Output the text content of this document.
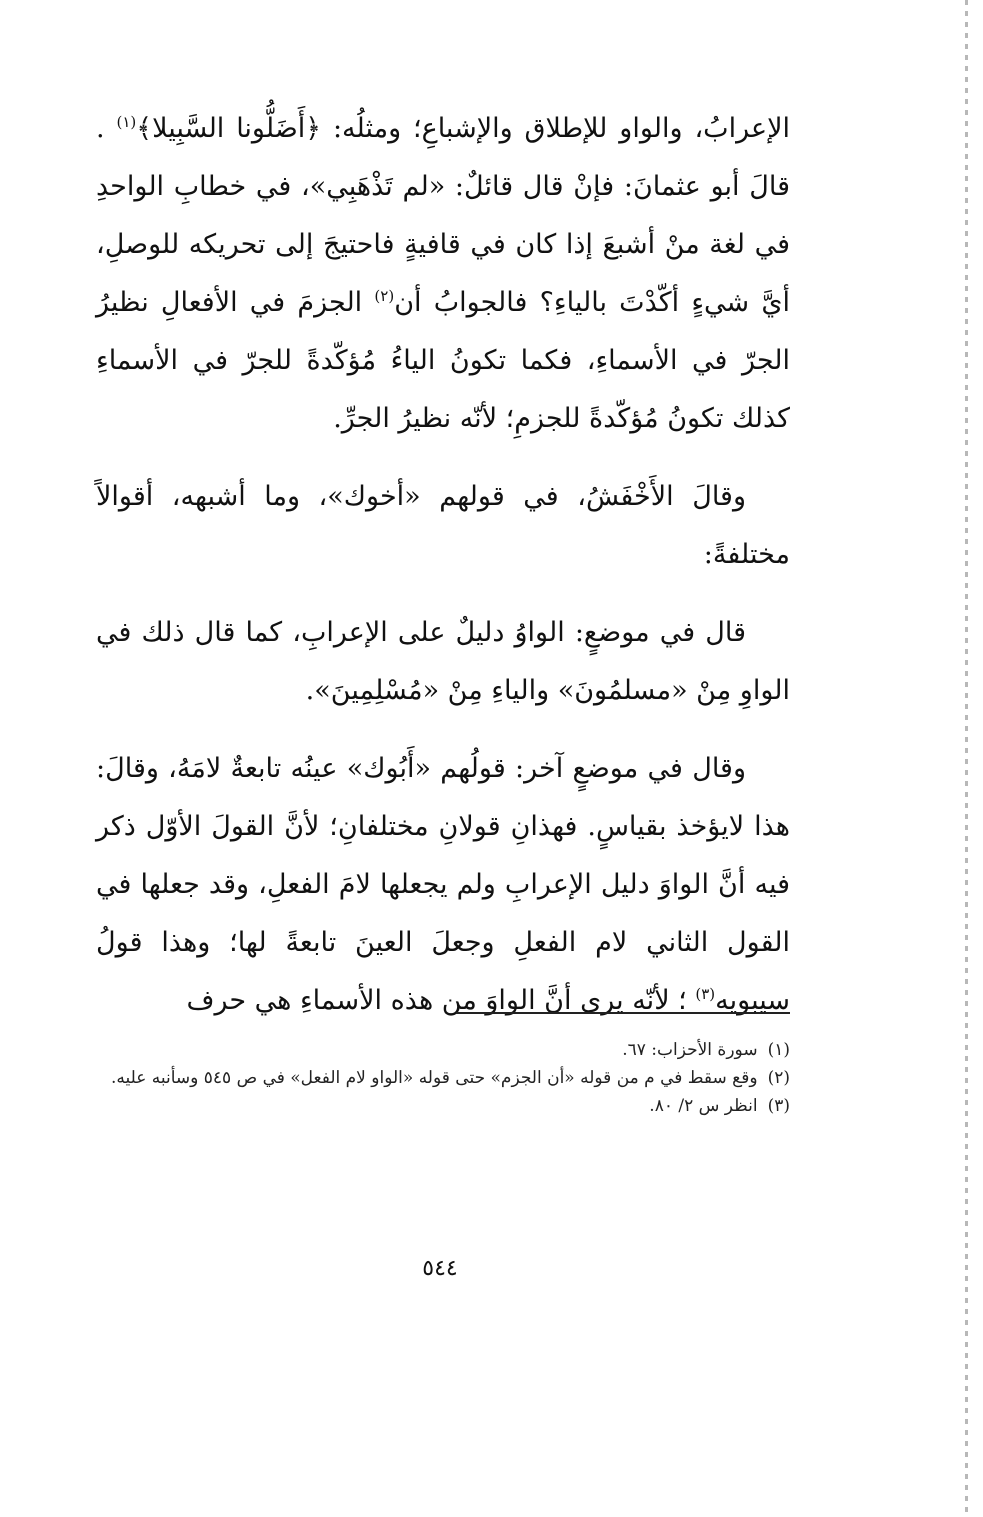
الإعرابُ، والواو للإطلاق والإشباعِ؛ ومثلُه: ﴿أَضَلُّونا السَّبِيلا﴾$^{(١)}$ . قالَ أبو عثمانَ: فإنْ قال قائلٌ: «لم تَذْهَبِي»، في خطابِ الواحدِ في لغة منْ أشبعَ إذا كان في قافيةٍ فاحتيجَ إلى تحريكه للوصلِ، أيَّ شيءٍ أكّدْتَ بالياءِ؟ فالجوابُ أن$^{(٢)}$ الجزمَ في الأفعالِ نظيرُ الجرّ في الأسماءِ، فكما تكونُ الياءُ مُؤكّدةً للجرّ في الأسماءِ كذلك تكونُ مُؤكّدةً للجزمِ؛ لأنّه نظيرُ الجرِّ.

وقالَ الأَخْفَشُ، في قولهم «أخوك»، وما أشبهه، أقوالاً مختلفةً:

قال في موضعٍ: الواوُ دليلٌ على الإعرابِ، كما قال ذلك في الواوِ مِنْ «مسلمُونَ» والياءِ مِنْ «مُسْلِمِينَ».

وقال في موضعٍ آخر: قولُهم «أَبُوك» عينُه تابعةٌ لامَهُ، وقالَ: هذا لايؤخذ بقياسٍ. فهذانِ قولانِ مختلفانِ؛ لأنَّ القولَ الأوّل ذكر فيه أنَّ الواوَ دليل الإعرابِ ولم يجعلها لامَ الفعلِ، وقد جعلها في القول الثاني لام الفعلِ وجعلَ العينَ تابعةً لها؛ وهذا قولُ سيبويه$^{(٣)}$ ؛ لأنّه يرى أنَّ الواوَ من هذه الأسماءِ هي حرف

(١)
سورة الأحزاب: ٦٧.
(٢)
وقع سقط في م من قوله «أن الجزم» حتى قوله «الواو لام الفعل» في ص ٥٤٥ وسأنبه عليه.
(٣)
انظر س ٢/ ٨٠.
٥٤٤
